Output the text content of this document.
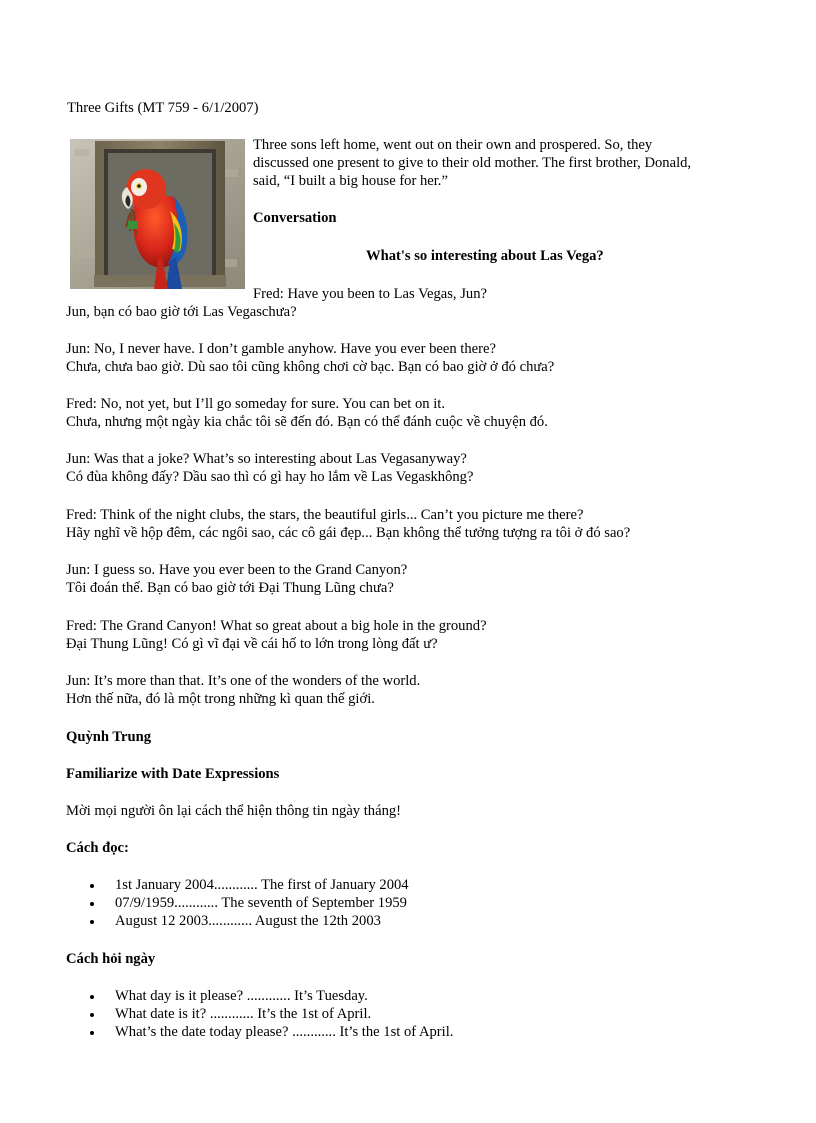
Three Gifts (MT 759 - 6/1/2007)
Three sons left home, went out on their own and prospered. So, they
discussed one present to give to their old mother. The first brother, Donald,
said, “I built a big house for her.”
Conversation
What's so interesting about Las Vega?
Fred: Have you been to Las Vegas, Jun?
Jun, bạn có bao giờ tới Las Vegaschưa?
Jun: No, I never have. I don’t gamble anyhow. Have you ever been there?
Chưa, chưa bao giờ. Dù sao tôi cũng không chơi cờ bạc. Bạn có bao giờ ở đó chưa?
Fred: No, not yet, but I’ll go someday for sure. You can bet on it.
Chưa, nhưng một ngày kia chắc tôi sẽ đến đó. Bạn có thể đánh cuộc về chuyện đó.
Jun: Was that a joke? What’s so interesting about Las Vegasanyway?
Có đùa không đấy? Dầu sao thì có gì hay ho lắm về Las Vegaskhông?
Fred: Think of the night clubs, the stars, the beautiful girls... Can’t you picture me there?
Hãy nghĩ về hộp đêm, các ngôi sao, các cô gái đẹp... Bạn không thể tưởng tượng ra tôi ở đó sao?
Jun: I guess so. Have you ever been to the Grand Canyon?
Tôi đoán thế. Bạn có bao giờ tới Đại Thung Lũng chưa?
Fred: The Grand Canyon! What so great about a big hole in the ground?
Đại Thung Lũng! Có gì vĩ đại về cái hố to lớn trong lòng đất ư?
Jun: It’s more than that. It’s one of the wonders of the world.
Hơn thế nữa, đó là một trong những kì quan thế giới.
Quỳnh Trung
Familiarize with Date Expressions
Mời mọi người ôn lại cách thể hiện thông tin ngày tháng!
Cách đọc:
1st January 2004............ The first of January 2004
07/9/1959............ The seventh of September 1959
August 12 2003............ August the 12th 2003
Cách hỏi ngày
What day is it please? ............ It’s Tuesday.
What date is it? ............ It’s the 1st of April.
What’s the date today please? ............ It’s the 1st of April.
